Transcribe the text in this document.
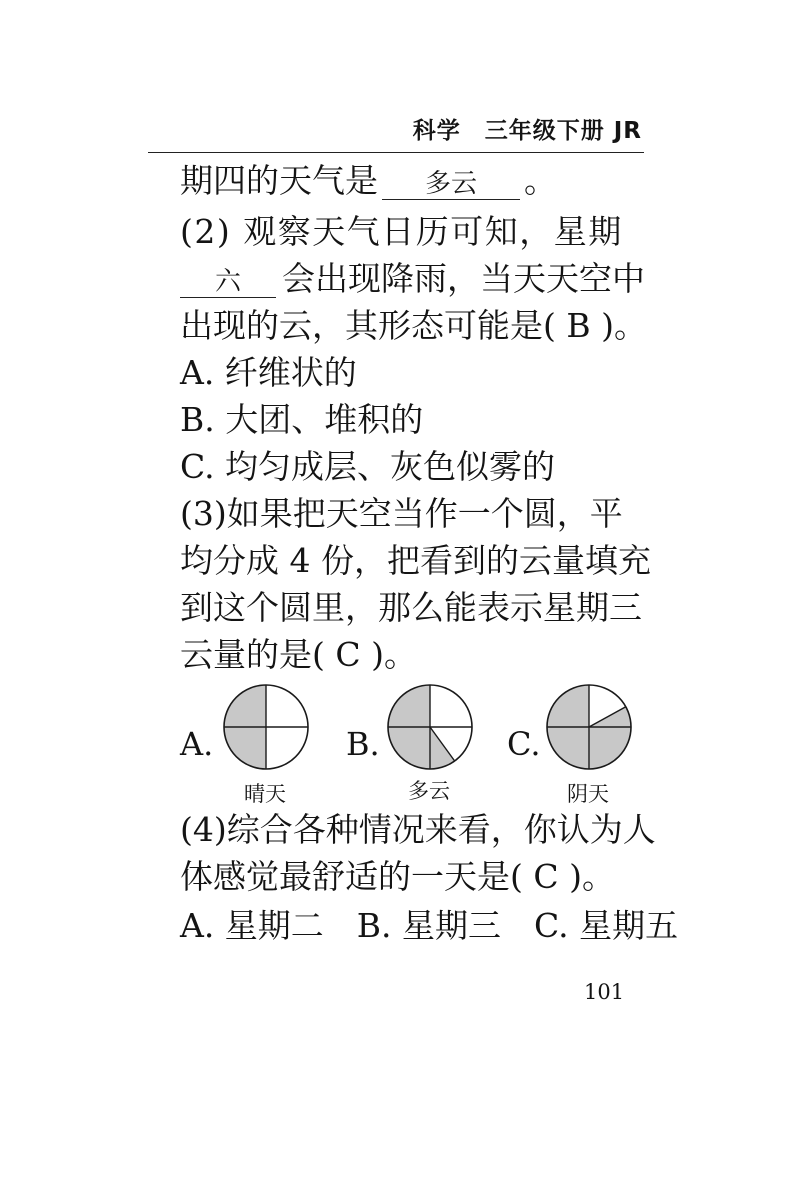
科学　三年级下册 JR
期四的天气是 多云 。
(2) 观察天气日历可知，星期
六 会出现降雨，当天天空中
出现的云，其形态可能是( B )。
A. 纤维状的
B. 大团、堆积的
C. 均匀成层、灰色似雾的
(3)如果把天空当作一个圆，平
均分成 4 份，把看到的云量填充
到这个圆里，那么能表示星期三
云量的是( C )。
A.
晴天
B.
多云
C.
阴天
(4)综合各种情况来看，你认为人
体感觉最舒适的一天是( C )。
A. 星期二　B. 星期三　C. 星期五
101
